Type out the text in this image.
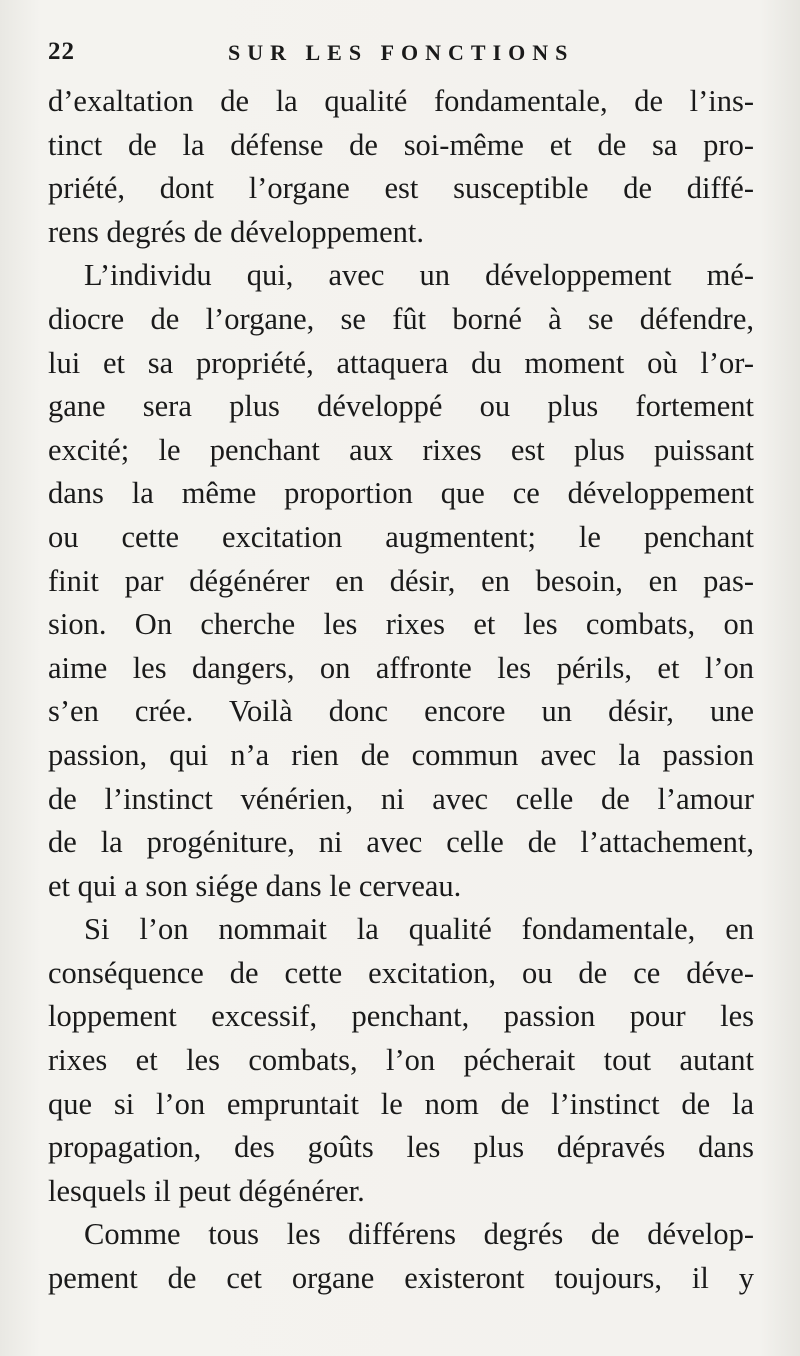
22	SUR LES FONCTIONS
d’exaltation de la qualité fondamentale, de l’ins-
tinct de la défense de soi-même et de sa pro-
priété, dont l’organe est susceptible de diffé-
rens degrés de développement.
L’individu qui, avec un développement mé-
diocre de l’organe, se fût borné à se défendre,
lui et sa propriété, attaquera du moment où l’or-
gane sera plus développé ou plus fortement
excité; le penchant aux rixes est plus puissant
dans la même proportion que ce développement
ou cette excitation augmentent; le penchant
finit par dégénérer en désir, en besoin, en pas-
sion. On cherche les rixes et les combats, on
aime les dangers, on affronte les périls, et l’on
s’en crée. Voilà donc encore un désir, une
passion, qui n’a rien de commun avec la passion
de l’instinct vénérien, ni avec celle de l’amour
de la progéniture, ni avec celle de l’attachement,
et qui a son siége dans le cerveau.
Si l’on nommait la qualité fondamentale, en
conséquence de cette excitation, ou de ce déve-
loppement excessif, penchant, passion pour les
rixes et les combats, l’on pécherait tout autant
que si l’on empruntait le nom de l’instinct de la
propagation, des goûts les plus dépravés dans
lesquels il peut dégénérer.
Comme tous les différens degrés de dévelop-
pement de cet organe existeront toujours, il y
